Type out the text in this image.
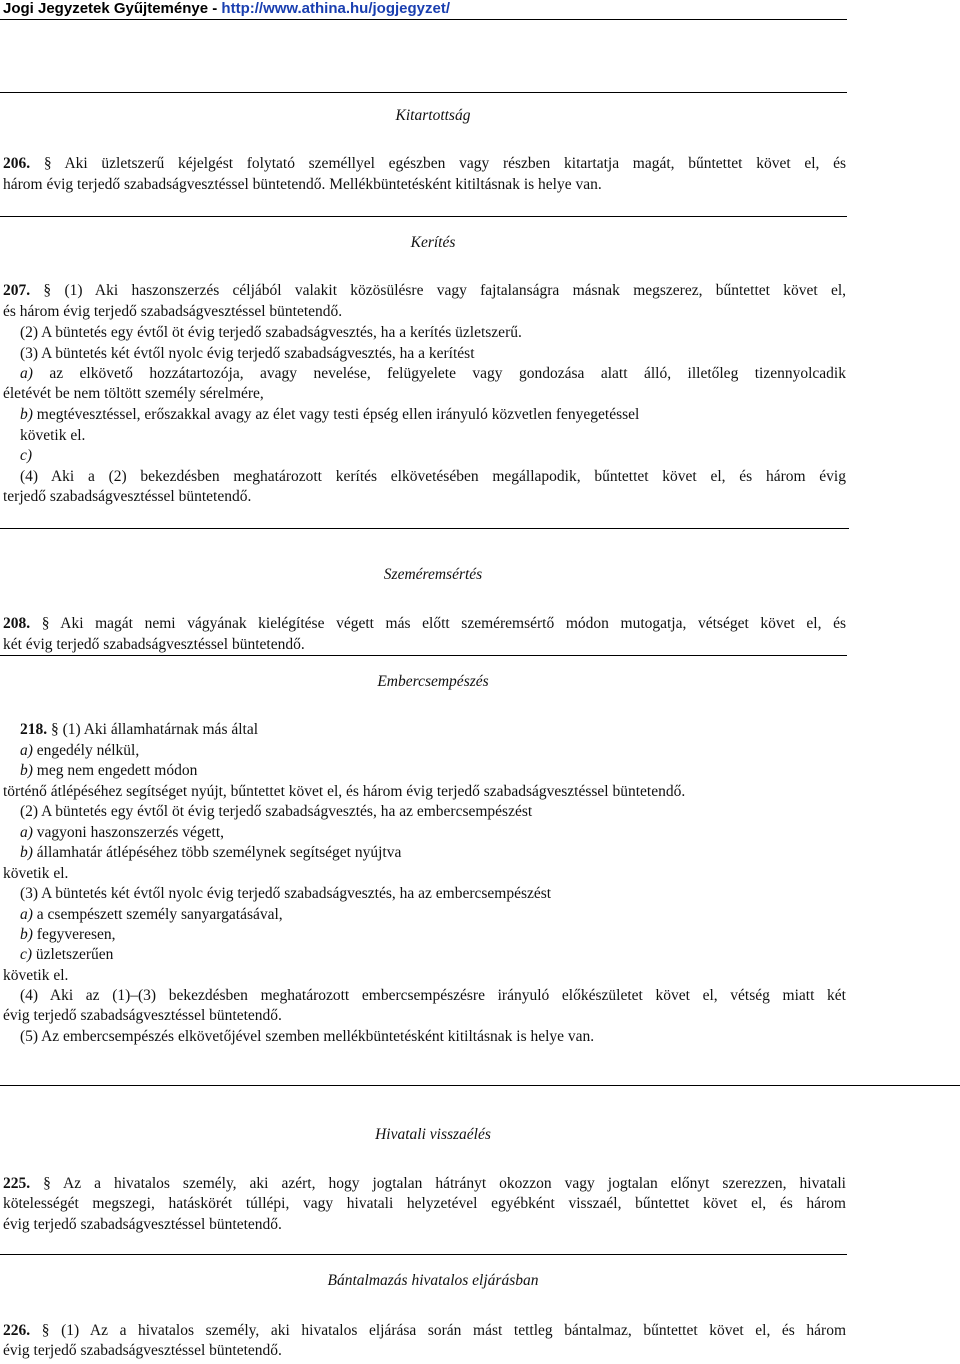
Jogi Jegyzetek Gyűjteménye - http://www.athina.hu/jogjegyzet/
Kitartottság
206. § Aki üzletszerű kéjelgést folytató személlyel egészben vagy részben kitartatja magát, bűntettet követ el, és
három évig terjedő szabadságvesztéssel büntetendő. Mellékbüntetésként kitiltásnak is helye van.
Kerítés
207. § (1) Aki haszonszerzés céljából valakit közösülésre vagy fajtalanságra másnak megszerez, bűntettet követ el,
és három évig terjedő szabadságvesztéssel büntetendő.
(2) A büntetés egy évtől öt évig terjedő szabadságvesztés, ha a kerítés üzletszerű.
(3) A büntetés két évtől nyolc évig terjedő szabadságvesztés, ha a kerítést
a) az elkövető hozzátartozója, avagy nevelése, felügyelete vagy gondozása alatt álló, illetőleg tizennyolcadik
életévét be nem töltött személy sérelmére,
b) megtévesztéssel, erőszakkal avagy az élet vagy testi épség ellen irányuló közvetlen fenyegetéssel
követik el.
c)
(4) Aki a (2) bekezdésben meghatározott kerítés elkövetésében megállapodik, bűntettet követ el, és három évig
terjedő szabadságvesztéssel büntetendő.
Szeméremsértés
208. § Aki magát nemi vágyának kielégítése végett más előtt szeméremsértő módon mutogatja, vétséget követ el, és
két évig terjedő szabadságvesztéssel büntetendő.
Embercsempészés
218. § (1) Aki államhatárnak más által
a) engedély nélkül,
b) meg nem engedett módon
történő átlépéséhez segítséget nyújt, bűntettet követ el, és három évig terjedő szabadságvesztéssel büntetendő.
(2) A büntetés egy évtől öt évig terjedő szabadságvesztés, ha az embercsempészést
a) vagyoni haszonszerzés végett,
b) államhatár átlépéséhez több személynek segítséget nyújtva
követik el.
(3) A büntetés két évtől nyolc évig terjedő szabadságvesztés, ha az embercsempészést
a) a csempészett személy sanyargatásával,
b) fegyveresen,
c) üzletszerűen
követik el.
(4) Aki az (1)–(3) bekezdésben meghatározott embercsempészésre irányuló előkészületet követ el, vétség miatt két
évig terjedő szabadságvesztéssel büntetendő.
(5) Az embercsempészés elkövetőjével szemben mellékbüntetésként kitiltásnak is helye van.
Hivatali visszaélés
225. § Az a hivatalos személy, aki azért, hogy jogtalan hátrányt okozzon vagy jogtalan előnyt szerezzen, hivatali
kötelességét megszegi, hatáskörét túllépi, vagy hivatali helyzetével egyébként visszaél, bűntettet követ el, és három
évig terjedő szabadságvesztéssel büntetendő.
Bántalmazás hivatalos eljárásban
226. § (1) Az a hivatalos személy, aki hivatalos eljárása során mást tettleg bántalmaz, bűntettet követ el, és három
évig terjedő szabadságvesztéssel büntetendő.
